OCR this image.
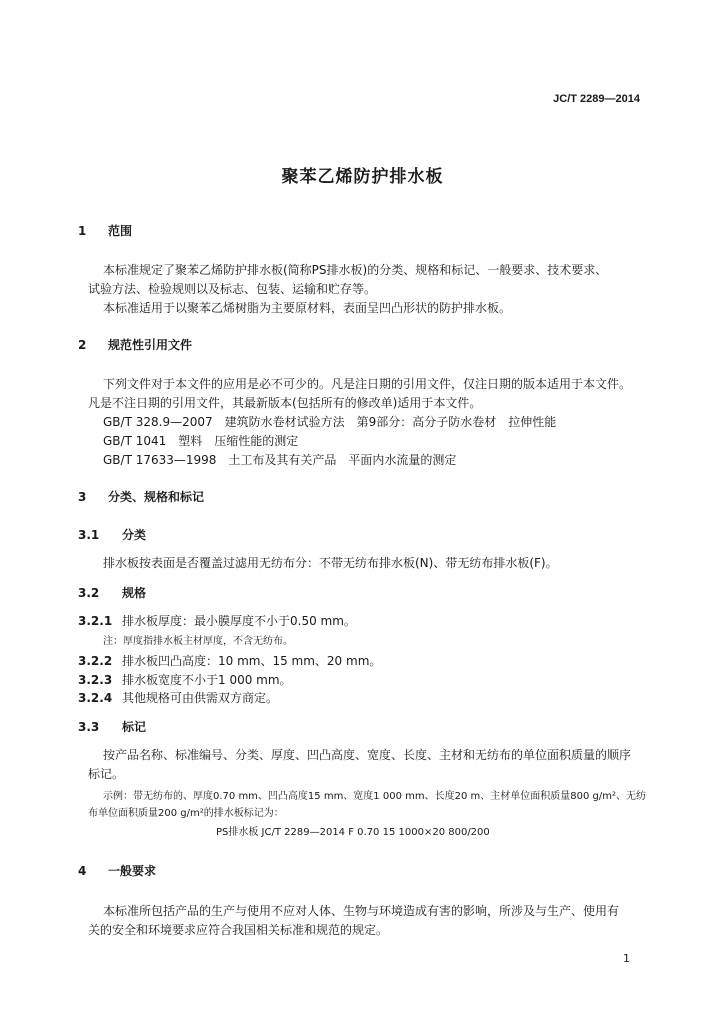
JC/T 2289—2014
聚苯乙烯防护排水板
1 范围
本标准规定了聚苯乙烯防护排水板(简称PS排水板)的分类、规格和标记、一般要求、技术要求、
试验方法、检验规则以及标志、包装、运输和贮存等。
本标准适用于以聚苯乙烯树脂为主要原材料，表面呈凹凸形状的防护排水板。
2 规范性引用文件
下列文件对于本文件的应用是必不可少的。凡是注日期的引用文件，仅注日期的版本适用于本文件。
凡是不注日期的引用文件，其最新版本(包括所有的修改单)适用于本文件。
GB/T 328.9—2007　建筑防水卷材试验方法　第9部分：高分子防水卷材　拉伸性能
GB/T 1041　塑料　压缩性能的测定
GB/T 17633—1998　土工布及其有关产品　平面内水流量的测定
3 分类、规格和标记
3.1 分类
排水板按表面是否覆盖过滤用无纺布分：不带无纺布排水板(N)、带无纺布排水板(F)。
3.2 规格
3.2.1 排水板厚度：最小膜厚度不小于0.50 mm。
注：厚度指排水板主材厚度，不含无纺布。
3.2.2 排水板凹凸高度：10 mm、15 mm、20 mm。
3.2.3 排水板宽度不小于1 000 mm。
3.2.4 其他规格可由供需双方商定。
3.3 标记
按产品名称、标准编号、分类、厚度、凹凸高度、宽度、长度、主材和无纺布的单位面积质量的顺序
标记。
示例：带无纺布的、厚度0.70 mm、凹凸高度15 mm、宽度1 000 mm、长度20 m、主材单位面积质量800 g/m²、无纺
布单位面积质量200 g/m²的排水板标记为：
PS排水板 JC/T 2289—2014 F 0.70 15 1000×20 800/200
4 一般要求
本标准所包括产品的生产与使用不应对人体、生物与环境造成有害的影响，所涉及与生产、使用有
关的安全和环境要求应符合我国相关标准和规范的规定。
1
